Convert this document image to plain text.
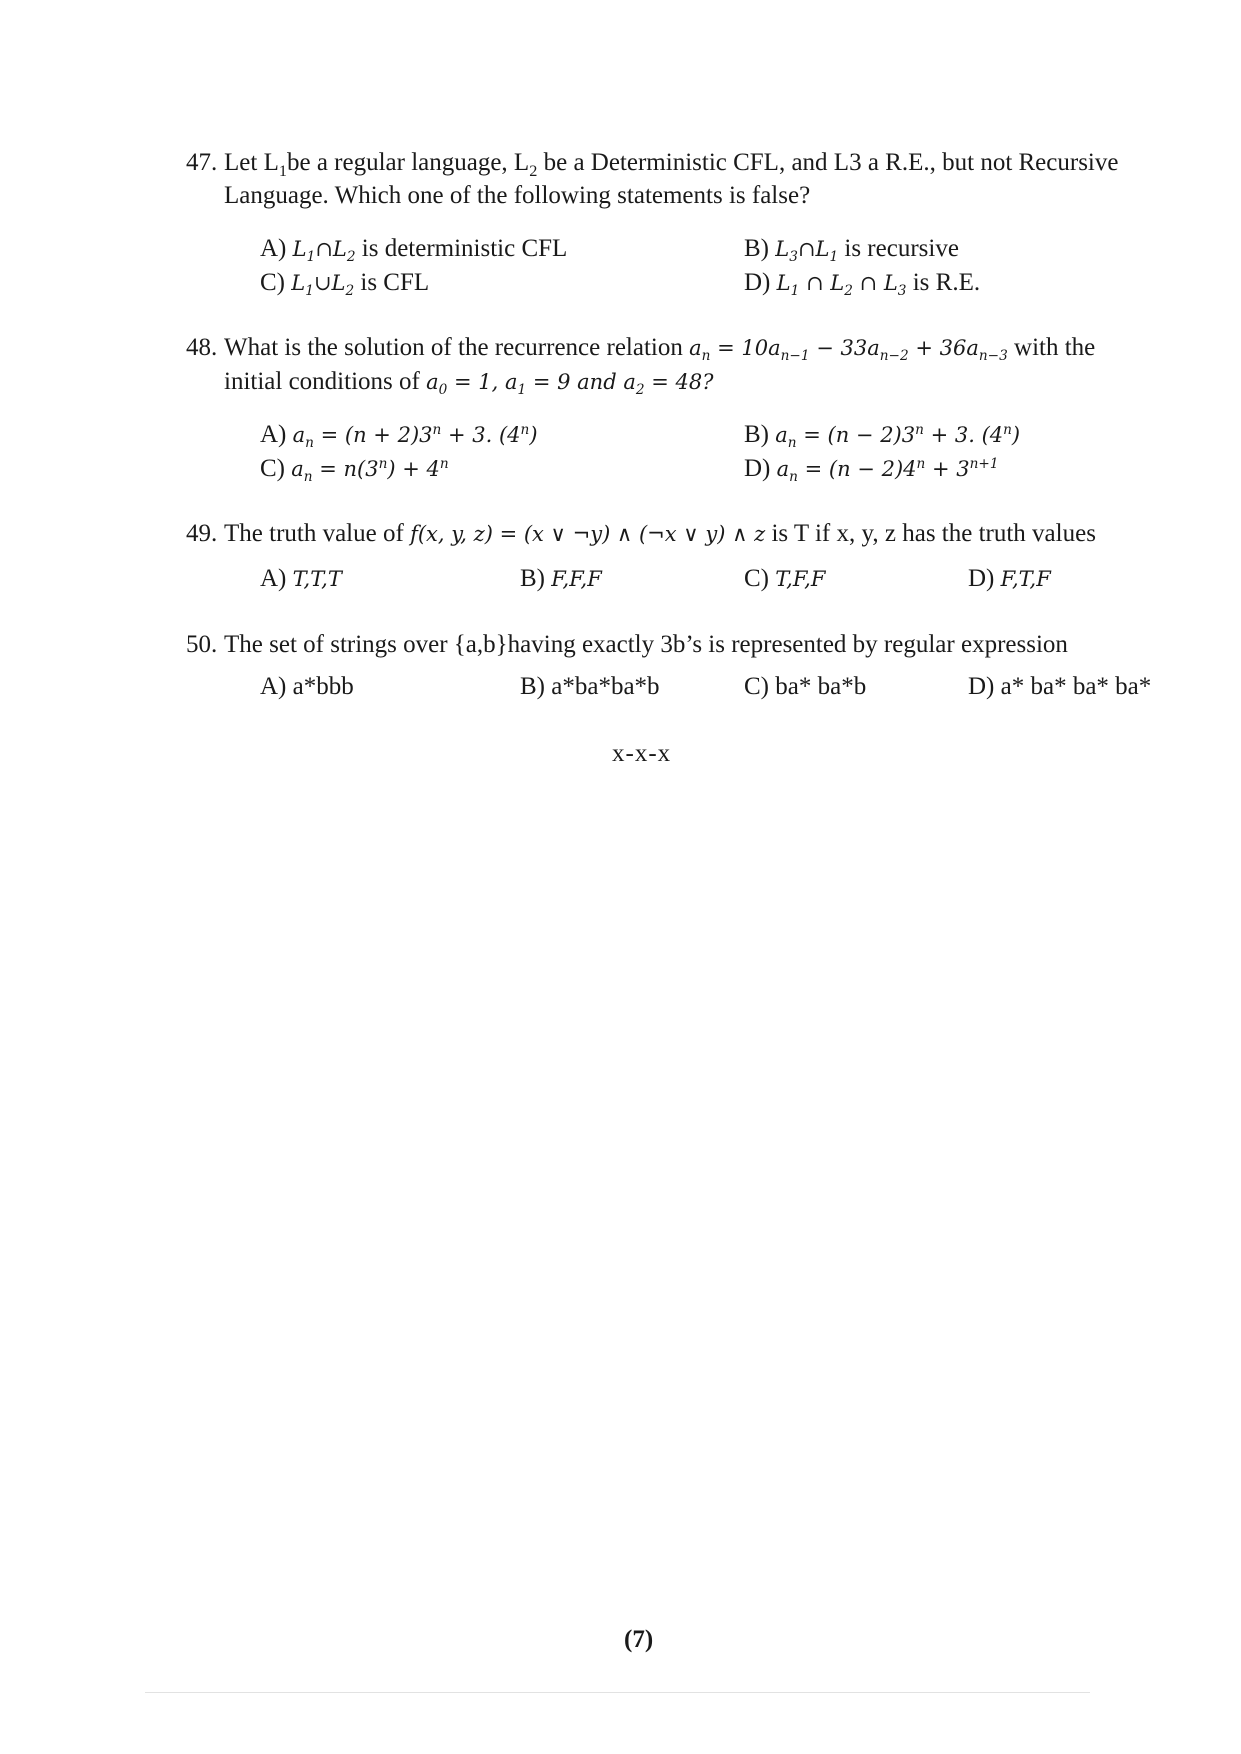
47. Let $L_1be$ a regular language, $L_2$ be a Deterministic CFL, and L3 a R.E., but not Recursive
Language. Which one of the following statements is false?
A) $L_1\cap L_2$ is deterministic CFL	B) $L_3\cap L_1$ is recursive
C) $L_1\cup L_2$ is CFL	D) $L_1$ ∩ $L_2$ ∩ $L_3$ is R.E.
48. What is the solution of the recurrence relation $a_n = 10a_{n-1} - 33a_{n-2} + 36a_{n-3}$ with the
initial conditions of $a_0 = 1$, $a_1 = 9$ and $a_2 = 48$?
A) $a_n = (n + 2)3^n + 3$. (4$^n$)	B) $a_n = (n - 2)3^n + 3$. (4$^n$)
C) $a_n = n(3^n) + 4^n$	D) $a_n = (n - 2)4^n + 3^{n+1}$
49. The truth value of f(x, y, z) = (x ∨ ¬y) ∧ (¬x ∨ y) ∧ z is T if x, y, z has the truth values
A) T,T,T	B) F,F,F	C) T,F,F	D) F,T,F
50. The set of strings over {a,b}having exactly 3b’s is represented by regular expression
A) a*bbb	B) a*ba*ba*b	C) ba* ba*b	D) a* ba* ba* ba*
x-x-x
(7)
